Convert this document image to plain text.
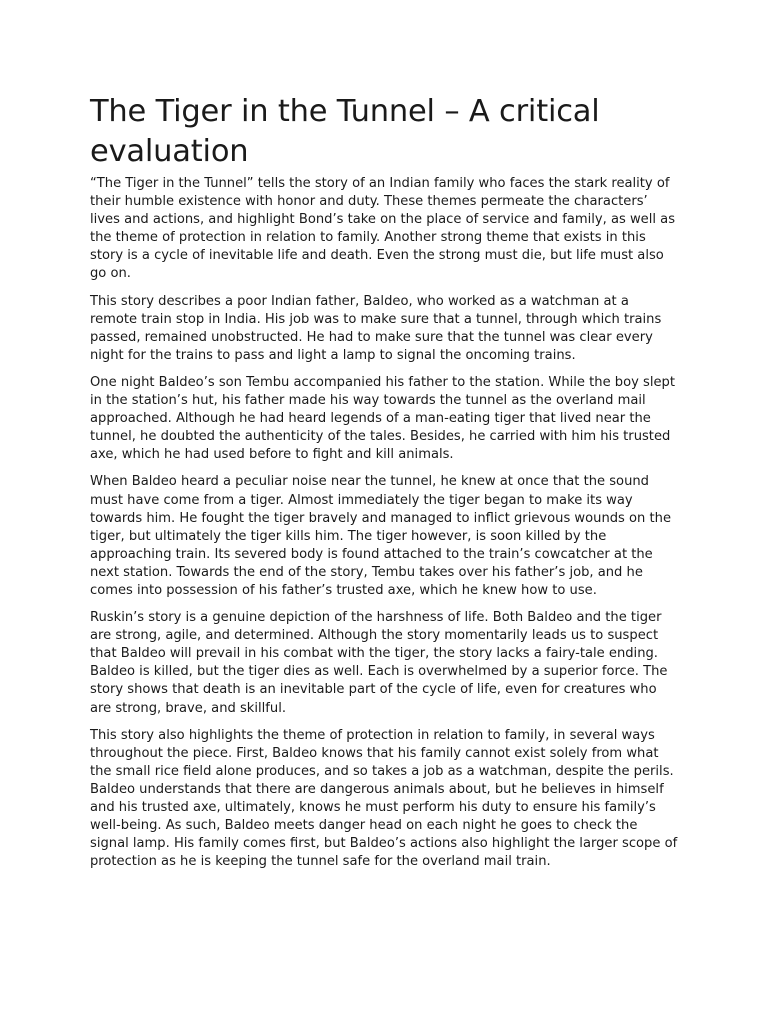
The Tiger in the Tunnel – A critical evaluation

“The Tiger in the Tunnel” tells the story of an Indian family who faces the stark reality of their humble existence with honor and duty. These themes permeate the characters’ lives and actions, and highlight Bond’s take on the place of service and family, as well as the theme of protection in relation to family. Another strong theme that exists in this story is a cycle of inevitable life and death. Even the strong must die, but life must also go on.

This story describes a poor Indian father, Baldeo, who worked as a watchman at a remote train stop in India. His job was to make sure that a tunnel, through which trains passed, remained unobstructed. He had to make sure that the tunnel was clear every night for the trains to pass and light a lamp to signal the oncoming trains.

One night Baldeo’s son Tembu accompanied his father to the station. While the boy slept in the station’s hut, his father made his way towards the tunnel as the overland mail approached. Although he had heard legends of a man-eating tiger that lived near the tunnel, he doubted the authenticity of the tales. Besides, he carried with him his trusted axe, which he had used before to fight and kill animals.

When Baldeo heard a peculiar noise near the tunnel, he knew at once that the sound must have come from a tiger. Almost immediately the tiger began to make its way towards him. He fought the tiger bravely and managed to inflict grievous wounds on the tiger, but ultimately the tiger kills him. The tiger however, is soon killed by the approaching train. Its severed body is found attached to the train’s cowcatcher at the next station. Towards the end of the story, Tembu takes over his father’s job, and he comes into possession of his father’s trusted axe, which he knew how to use.

Ruskin’s story is a genuine depiction of the harshness of life. Both Baldeo and the tiger are strong, agile, and determined. Although the story momentarily leads us to suspect that Baldeo will prevail in his combat with the tiger, the story lacks a fairy-tale ending. Baldeo is killed, but the tiger dies as well. Each is overwhelmed by a superior force. The story shows that death is an inevitable part of the cycle of life, even for creatures who are strong, brave, and skillful.

This story also highlights the theme of protection in relation to family, in several ways throughout the piece. First, Baldeo knows that his family cannot exist solely from what the small rice field alone produces, and so takes a job as a watchman, despite the perils. Baldeo understands that there are dangerous animals about, but he believes in himself and his trusted axe, ultimately, knows he must perform his duty to ensure his family’s well-being. As such, Baldeo meets danger head on each night he goes to check the signal lamp. His family comes first, but Baldeo’s actions also highlight the larger scope of protection as he is keeping the tunnel safe for the overland mail train.
